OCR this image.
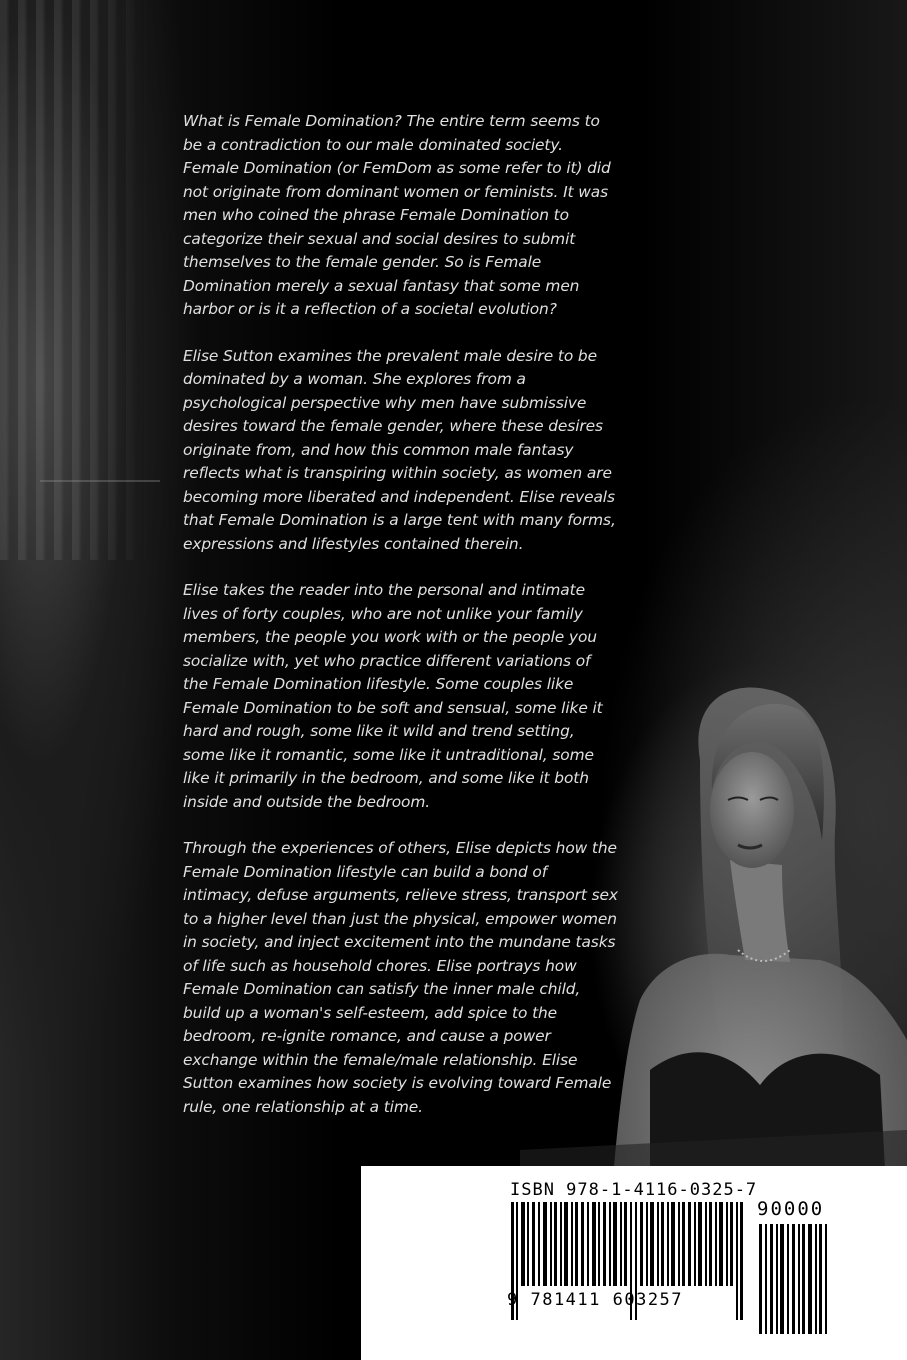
What is Female Domination? The entire term seems to be a contradiction to our male dominated society. Female Domination (or FemDom as some refer to it) did not originate from dominant women or feminists. It was men who coined the phrase Female Domination to categorize their sexual and social desires to submit themselves to the female gender. So is Female Domination merely a sexual fantasy that some men harbor or is it a reflection of a societal evolution?

Elise Sutton examines the prevalent male desire to be dominated by a woman. She explores from a psychological perspective why men have submissive desires toward the female gender, where these desires originate from, and how this common male fantasy reflects what is transpiring within society, as women are becoming more liberated and independent. Elise reveals that Female Domination is a large tent with many forms, expressions and lifestyles contained therein.

Elise takes the reader into the personal and intimate lives of forty couples, who are not unlike your family members, the people you work with or the people you socialize with, yet who practice different variations of the Female Domination lifestyle. Some couples like Female Domination to be soft and sensual, some like it hard and rough, some like it wild and trend setting, some like it romantic, some like it untraditional, some like it primarily in the bedroom, and some like it both inside and outside the bedroom.

Through the experiences of others, Elise depicts how the Female Domination lifestyle can build a bond of intimacy, defuse arguments, relieve stress, transport sex to a higher level than just the physical, empower women in society, and inject excitement into the mundane tasks of life such as household chores. Elise portrays how Female Domination can satisfy the inner male child, build up a woman's self-esteem, add spice to the bedroom, re-ignite romance, and cause a power exchange within the female/male relationship. Elise Sutton examines how society is evolving toward Female rule, one relationship at a time.

ISBN 978-1-4116-0325-7
90000
9 781411 603257
